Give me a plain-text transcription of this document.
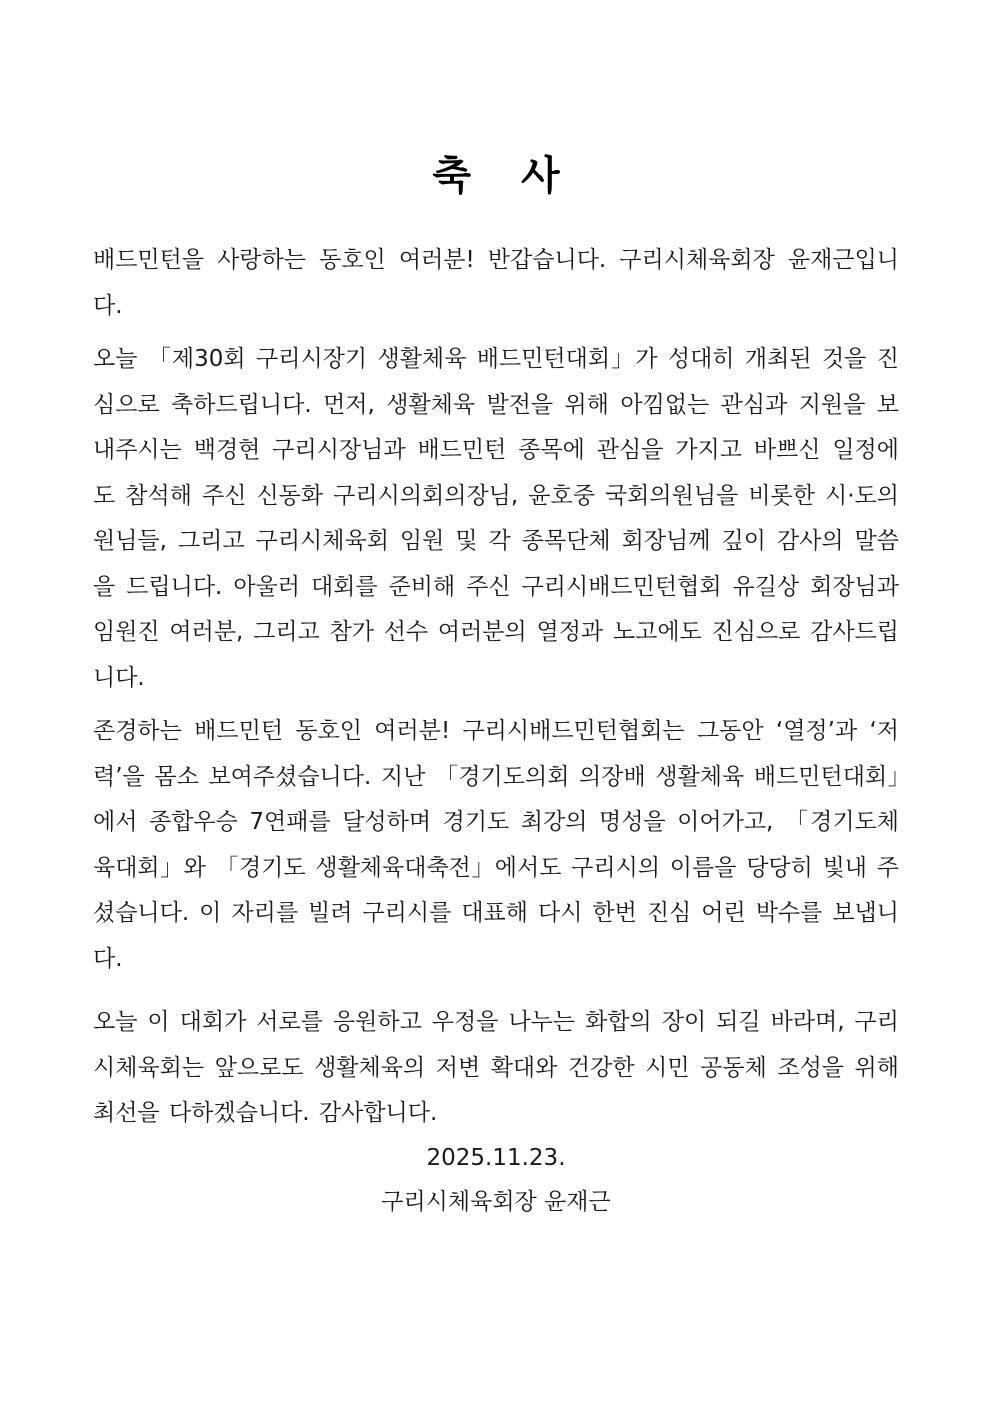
축 사

배드민턴을 사랑하는 동호인 여러분! 반갑습니다. 구리시체육회장 윤재근입니다.

오늘 「제30회 구리시장기 생활체육 배드민턴대회」가 성대히 개최된 것을 진심으로 축하드립니다. 먼저, 생활체육 발전을 위해 아낌없는 관심과 지원을 보내주시는 백경현 구리시장님과 배드민턴 종목에 관심을 가지고 바쁘신 일정에도 참석해 주신 신동화 구리시의회의장님, 윤호중 국회의원님을 비롯한 시·도의원님들, 그리고 구리시체육회 임원 및 각 종목단체 회장님께 깊이 감사의 말씀을 드립니다. 아울러 대회를 준비해 주신 구리시배드민턴협회 유길상 회장님과 임원진 여러분, 그리고 참가 선수 여러분의 열정과 노고에도 진심으로 감사드립니다.

존경하는 배드민턴 동호인 여러분! 구리시배드민턴협회는 그동안 ‘열정’과 ‘저력’을 몸소 보여주셨습니다. 지난 「경기도의회 의장배 생활체육 배드민턴대회」에서 종합우승 7연패를 달성하며 경기도 최강의 명성을 이어가고, 「경기도체육대회」와 「경기도 생활체육대축전」에서도 구리시의 이름을 당당히 빛내 주셨습니다. 이 자리를 빌려 구리시를 대표해 다시 한번 진심 어린 박수를 보냅니다.

오늘 이 대회가 서로를 응원하고 우정을 나누는 화합의 장이 되길 바라며, 구리시체육회는 앞으로도 생활체육의 저변 확대와 건강한 시민 공동체 조성을 위해 최선을 다하겠습니다. 감사합니다.

2025.11.23.
구리시체육회장 윤재근
